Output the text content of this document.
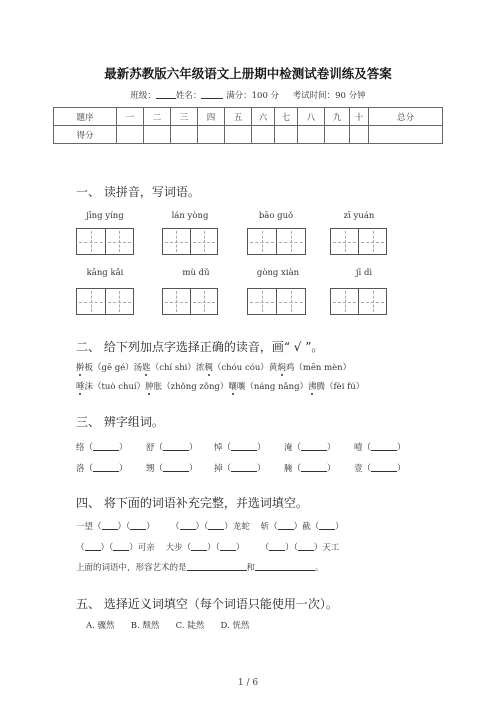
最新苏教版六年级语文上册期中检测试卷训练及答案
班级： 姓名：	满分：100 分 考试时间：90 分钟
题序	一	二	三	四	五	六	七	八	九	十	总分
得分											
一、 读拼音，写词语。
jīng yíng	lán yòng	bāo guǒ	zī yuán
kāng kǎi	mù dǔ	gòng xiàn	jī dì
二、 给下列加点字选择正确的读音，画“ √ ”。
擀板（gē gé）汤匙（chí shi）浓稠（chóu cóu）黄焖鸡（mēn mèn）
唾沫（tuò chuí）肿胀（zhǒng zǒng）嚷嚷（náng nǎng）沸腾（fèi fú）
三、 辨字组词。
络（	） 舒（	） 悼（	） 淹（	） 噎（	）
洛（	） 甥（	） 掉（	） 腌（	） 壹（	）
四、 将下面的词语补充完整，并选词填空。
一望（ ）（ ） （ ）（ ）龙蛇 斩（ ）截（ ）
（ ）（ ）可亲 大步（ ）（ ） （ ）（ ）天工
上面的词语中，形容艺术的是	和	。
五、 选择近义词填空（每个词语只能使用一次）。
A. 骤然 B. 颓然 C. 陡然 D. 恍然
1 / 6
